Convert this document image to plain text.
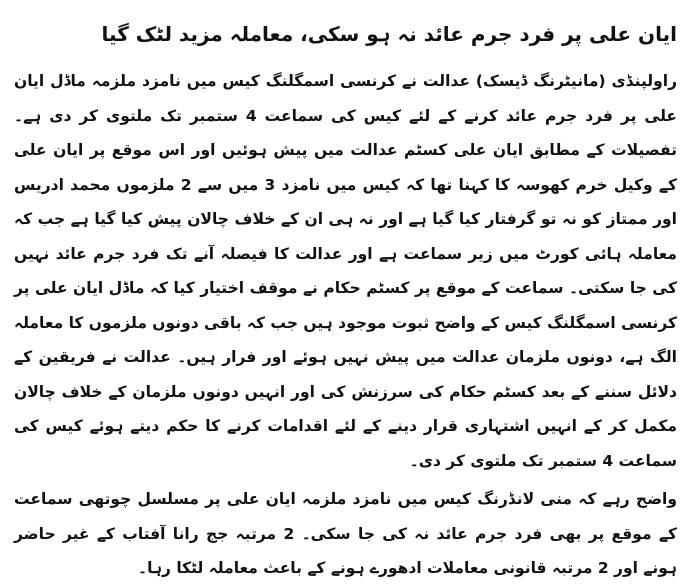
ایان علی پر فرد جرم عائد نہ ہو سکی، معاملہ مزید لٹک گیا

راولپنڈی (مانیٹرنگ ڈیسک) عدالت نے کرنسی اسمگلنگ کیس میں نامزد ملزمہ ماڈل ایان علی پر فرد جرم عائد کرنے کے لئے کیس کی سماعت 4 ستمبر تک ملتوی کر دی ہے۔ تفصیلات کے مطابق ایان علی کسٹم عدالت میں پیش ہوئیں اور اس موقع پر ایان علی کے وکیل خرم کھوسہ کا کہنا تھا کہ کیس میں نامزد 3 میں سے 2 ملزموں محمد ادریس اور ممتاز کو نہ تو گرفتار کیا گیا ہے اور نہ ہی ان کے خلاف چالان پیش کیا گیا ہے جب کہ معاملہ ہائی کورٹ میں زیر سماعت ہے اور عدالت کا فیصلہ آنے تک فرد جرم عائد نہیں کی جا سکتی۔ سماعت کے موقع پر کسٹم حکام نے موقف اختیار کیا کہ ماڈل ایان علی پر کرنسی اسمگلنگ کیس کے واضح ثبوت موجود ہیں جب کہ باقی دونوں ملزموں کا معاملہ الگ ہے، دونوں ملزمان عدالت میں پیش نہیں ہوئے اور فرار ہیں۔ عدالت نے فریقین کے دلائل سننے کے بعد کسٹم حکام کی سرزنش کی اور انہیں دونوں ملزمان کے خلاف چالان مکمل کر کے انہیں اشتہاری قرار دینے کے لئے اقدامات کرنے کا حکم دیتے ہوئے کیس کی سماعت 4 ستمبر تک ملتوی کر دی۔

واضح رہے کہ منی لانڈرنگ کیس میں نامزد ملزمہ ایان علی پر مسلسل چوتھی سماعت کے موقع پر بھی فرد جرم عائد نہ کی جا سکی۔ 2 مرتبہ جج رانا آفتاب کے غیر حاضر ہونے اور 2 مرتبہ قانونی معاملات ادھورے ہونے کے باعث معاملہ لٹکا رہا۔
